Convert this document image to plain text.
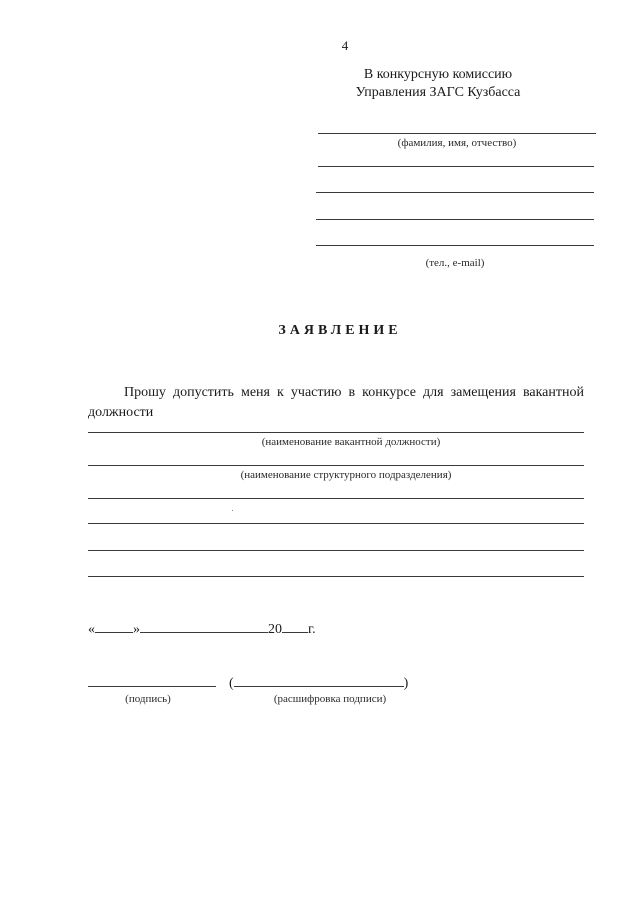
4
В конкурсную комиссию
Управления ЗАГС Кузбасса
(фамилия, имя, отчество)
(тел., e-mail)
ЗАЯВЛЕНИЕ
Прошу допустить меня к участию в конкурсе для замещения вакантной должности
(наименование вакантной должности)
(наименование структурного подразделения)
«	»	20 г.
(	)
(подпись)	(расшифровка подписи)
